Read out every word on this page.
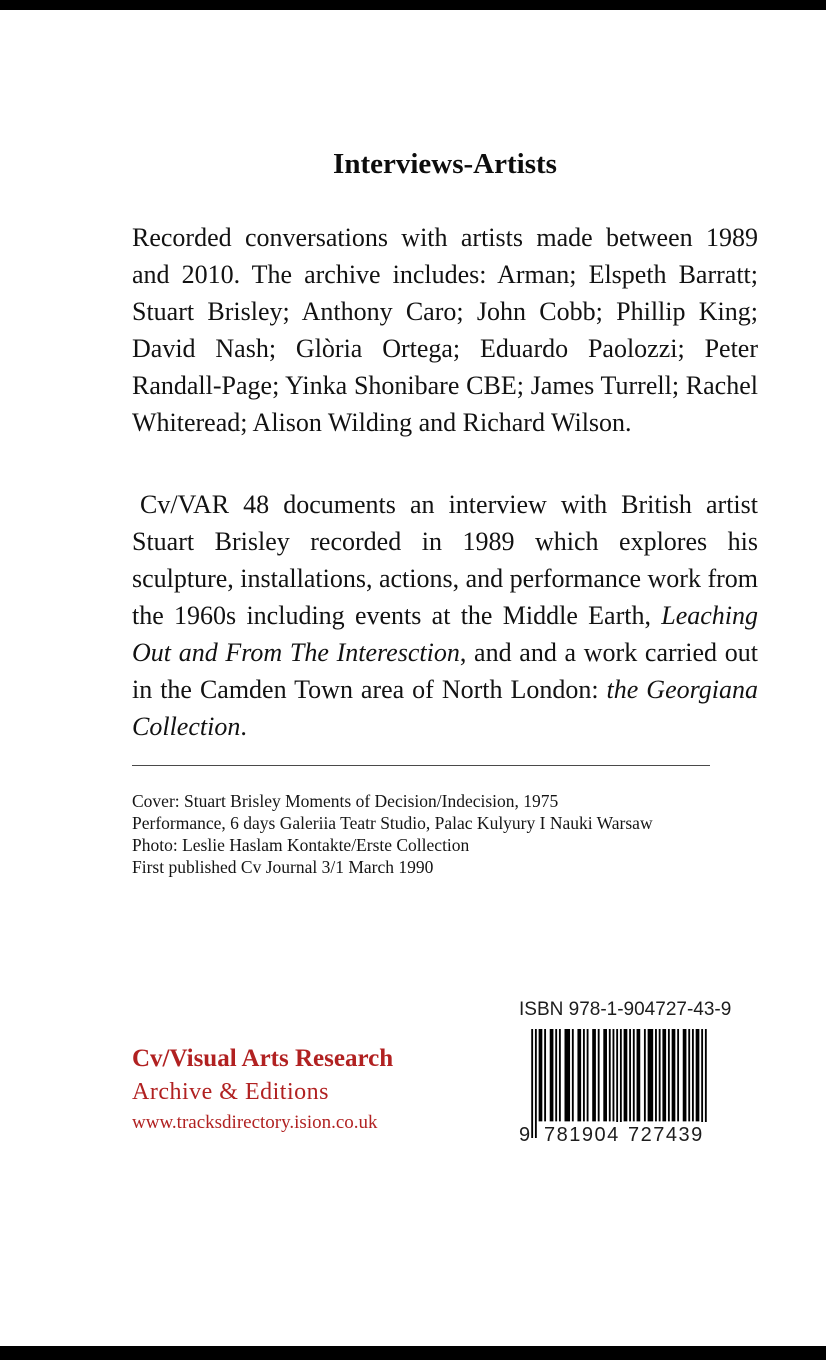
Interviews-Artists

Recorded conversations with artists made between 1989 and 2010. The archive includes: Arman; Elspeth Barratt; Stuart Brisley; Anthony Caro; John Cobb; Phillip King; David Nash; Glòria Ortega; Eduardo Paolozzi; Peter Randall-Page; Yinka Shonibare CBE; James Turrell; Rachel Whiteread; Alison Wilding and Richard Wilson.

Cv/VAR 48 documents an interview with British artist Stuart Brisley recorded in 1989 which explores his sculpture, installations, actions, and performance work from the 1960s including events at the Middle Earth, Leaching Out and From The Interesction, and and a work carried out in the Camden Town area of North London: the Georgiana Collection.

Cover: Stuart Brisley Moments of Decision/Indecision, 1975
Performance, 6 days Galeriia Teatr Studio, Palac Kulyury I Nauki Warsaw
Photo: Leslie Haslam Kontakte/Erste Collection
First published Cv Journal 3/1 March 1990
Cv/Visual Arts Research
Archive & Editions
www.tracksdirectory.ision.co.uk
ISBN 978-1-904727-43-9
9 781904 727439
